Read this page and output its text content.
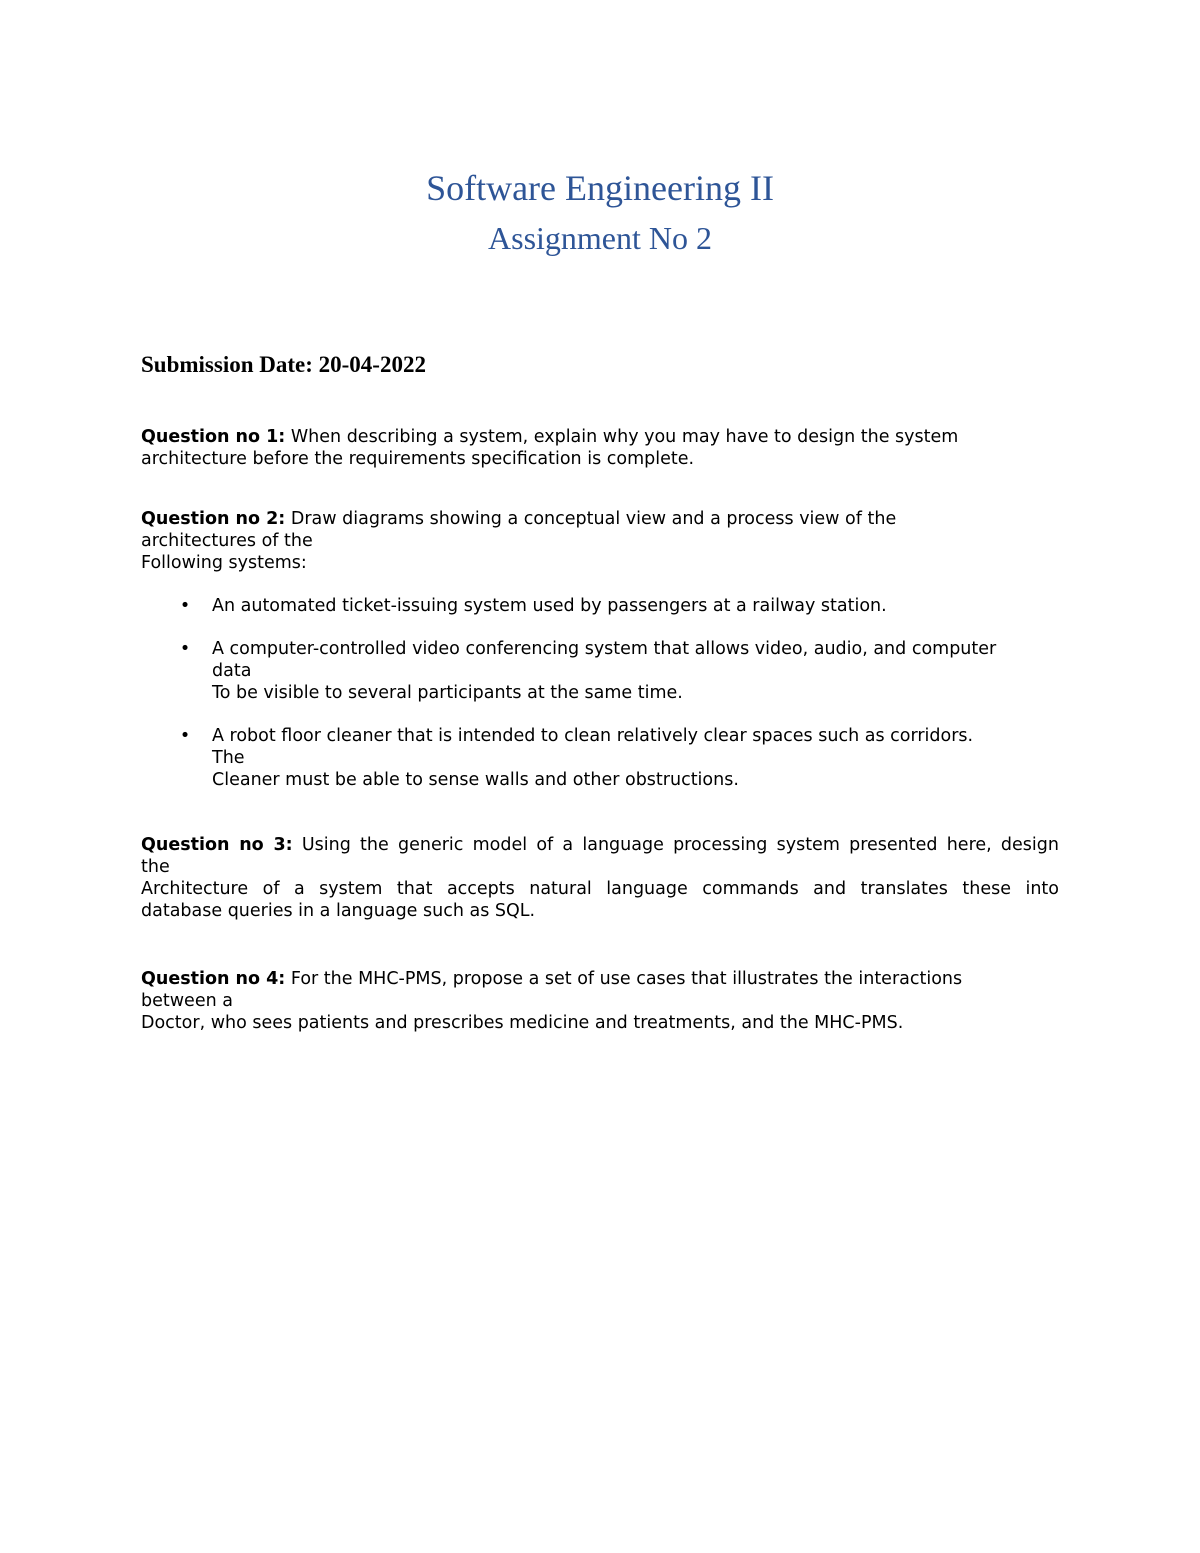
Software Engineering II
Assignment No 2
Submission Date: 20-04-2022
Question no 1: When describing a system, explain why you may have to design the system
architecture before the requirements specification is complete.
Question no 2: Draw diagrams showing a conceptual view and a process view of the
architectures of the
Following systems:
• An automated ticket-issuing system used by passengers at a railway station.
• A computer-controlled video conferencing system that allows video, audio, and computer
data
To be visible to several participants at the same time.
• A robot floor cleaner that is intended to clean relatively clear spaces such as corridors.
The
Cleaner must be able to sense walls and other obstructions.
Question no 3: Using the generic model of a language processing system presented here, design
the
Architecture of a system that accepts natural language commands and translates these into
database queries in a language such as SQL.
Question no 4: For the MHC-PMS, propose a set of use cases that illustrates the interactions
between a
Doctor, who sees patients and prescribes medicine and treatments, and the MHC-PMS.
